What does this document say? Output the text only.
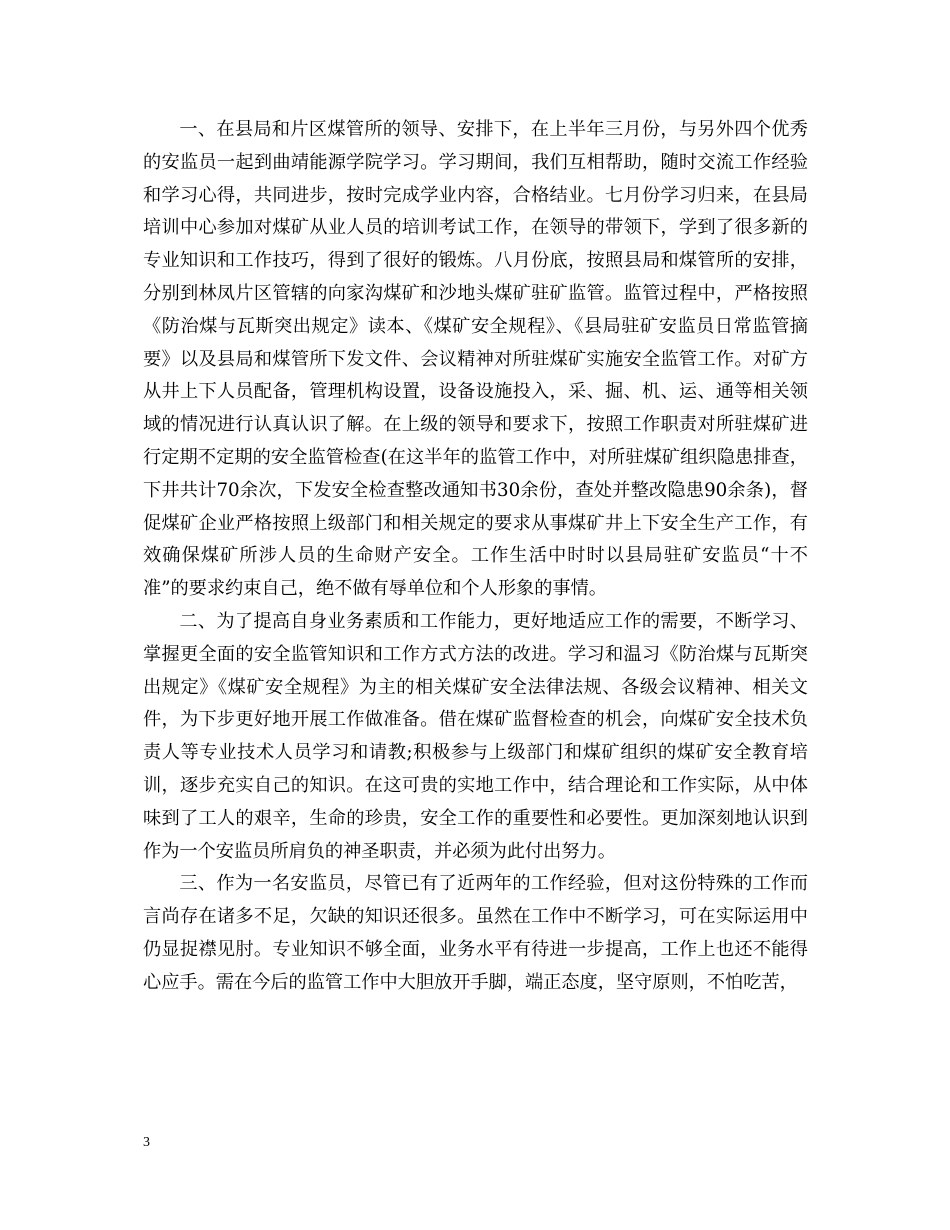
一、在县局和片区煤管所的领导、安排下，在上半年三月份，与另外四个优秀的安监员一起到曲靖能源学院学习。学习期间，我们互相帮助，随时交流工作经验和学习心得，共同进步，按时完成学业内容，合格结业。七月份学习归来，在县局培训中心参加对煤矿从业人员的培训考试工作，在领导的带领下，学到了很多新的专业知识和工作技巧，得到了很好的锻炼。八月份底，按照县局和煤管所的安排，分别到林凤片区管辖的向家沟煤矿和沙地头煤矿驻矿监管。监管过程中，严格按照《防治煤与瓦斯突出规定》读本、《煤矿安全规程》、《县局驻矿安监员日常监管摘要》以及县局和煤管所下发文件、会议精神对所驻煤矿实施安全监管工作。对矿方从井上下人员配备，管理机构设置，设备设施投入，采、掘、机、运、通等相关领域的情况进行认真认识了解。在上级的领导和要求下，按照工作职责对所驻煤矿进行定期不定期的安全监管检查(在这半年的监管工作中，对所驻煤矿组织隐患排查，下井共计70余次，下发安全检查整改通知书30余份，查处并整改隐患90余条)，督促煤矿企业严格按照上级部门和相关规定的要求从事煤矿井上下安全生产工作，有效确保煤矿所涉人员的生命财产安全。工作生活中时时以县局驻矿安监员“十不准”的要求约束自己，绝不做有辱单位和个人形象的事情。

二、为了提高自身业务素质和工作能力，更好地适应工作的需要，不断学习、掌握更全面的安全监管知识和工作方式方法的改进。学习和温习《防治煤与瓦斯突出规定》《煤矿安全规程》为主的相关煤矿安全法律法规、各级会议精神、相关文件，为下步更好地开展工作做准备。借在煤矿监督检查的机会，向煤矿安全技术负责人等专业技术人员学习和请教;积极参与上级部门和煤矿组织的煤矿安全教育培训，逐步充实自己的知识。在这可贵的实地工作中，结合理论和工作实际，从中体味到了工人的艰辛，生命的珍贵，安全工作的重要性和必要性。更加深刻地认识到作为一个安监员所肩负的神圣职责，并必须为此付出努力。

三、作为一名安监员，尽管已有了近两年的工作经验，但对这份特殊的工作而言尚存在诸多不足，欠缺的知识还很多。虽然在工作中不断学习，可在实际运用中仍显捉襟见肘。专业知识不够全面，业务水平有待进一步提高，工作上也还不能得心应手。需在今后的监管工作中大胆放开手脚，端正态度，坚守原则，不怕吃苦，

3
